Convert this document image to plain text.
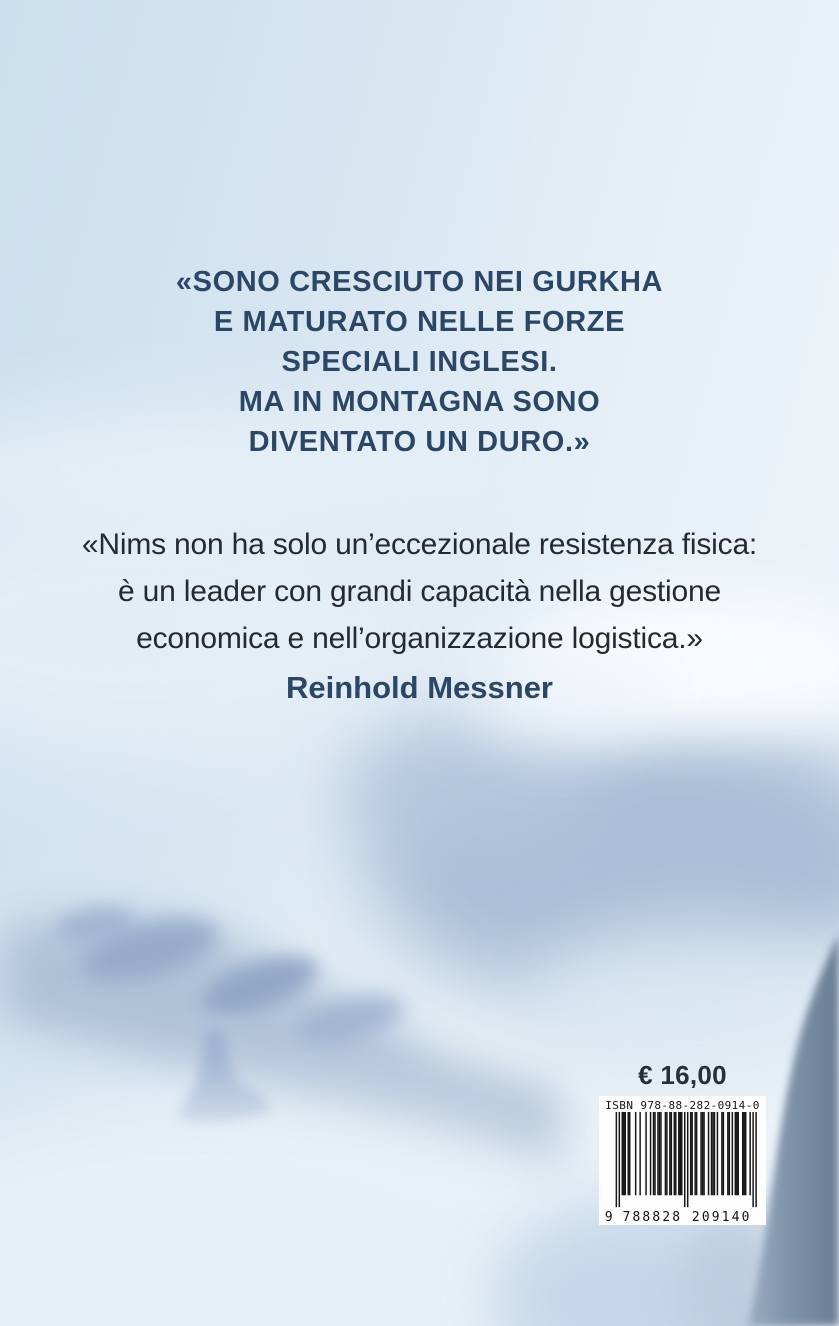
«SONO CRESCIUTO NEI GURKHA
E MATURATO NELLE FORZE
SPECIALI INGLESI.
MA IN MONTAGNA SONO
DIVENTATO UN DURO.»
«Nims non ha solo un’eccezionale resistenza fisica:
è un leader con grandi capacità nella gestione
economica e nell’organizzazione logistica.»
Reinhold Messner
€ 16,00
ISBN 978-88-282-0914-0
9 788828 209140
